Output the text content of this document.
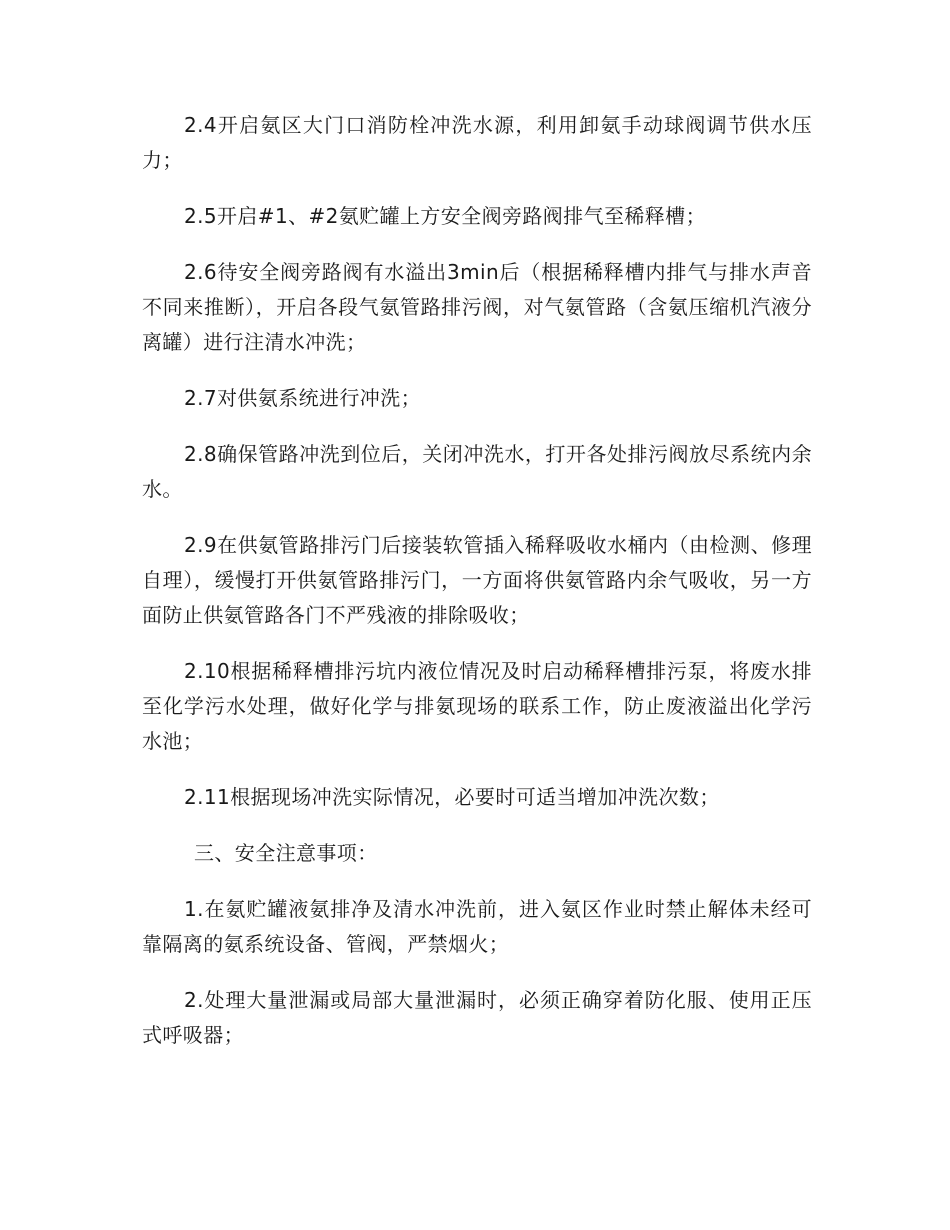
2.4开启氨区大门口消防栓冲洗水源，利用卸氨手动球阀调节供水压力；

2.5开启#1、#2氨贮罐上方安全阀旁路阀排气至稀释槽；

2.6待安全阀旁路阀有水溢出3min后（根据稀释槽内排气与排水声音不同来推断），开启各段气氨管路排污阀，对气氨管路（含氨压缩机汽液分离罐）进行注清水冲洗；

2.7对供氨系统进行冲洗；

2.8确保管路冲洗到位后，关闭冲洗水，打开各处排污阀放尽系统内余水。

2.9在供氨管路排污门后接装软管插入稀释吸收水桶内（由检测、修理自理），缓慢打开供氨管路排污门，一方面将供氨管路内余气吸收，另一方面防止供氨管路各门不严残液的排除吸收；

2.10根据稀释槽排污坑内液位情况及时启动稀释槽排污泵，将废水排至化学污水处理，做好化学与排氨现场的联系工作，防止废液溢出化学污水池；

2.11根据现场冲洗实际情况，必要时可适当增加冲洗次数；

三、安全注意事项：

1.在氨贮罐液氨排净及清水冲洗前，进入氨区作业时禁止解体未经可靠隔离的氨系统设备、管阀，严禁烟火；

2.处理大量泄漏或局部大量泄漏时，必须正确穿着防化服、使用正压式呼吸器；
